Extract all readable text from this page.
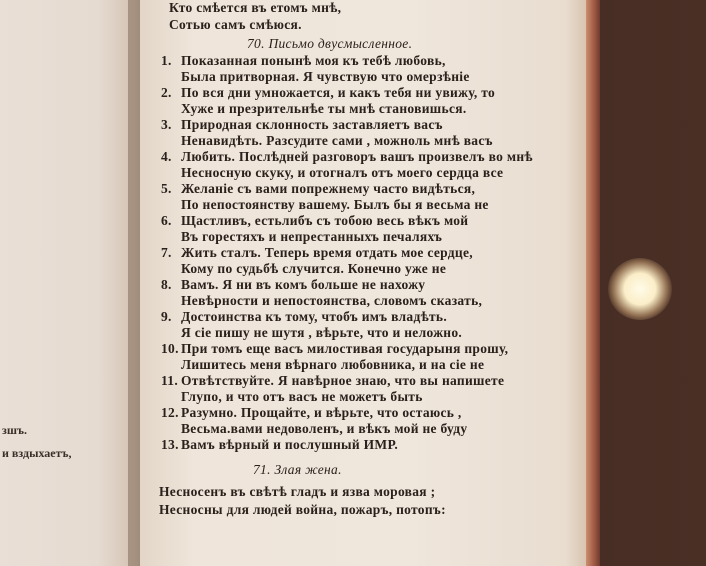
зшъ.
и вздыхаетъ,
Кто смѣется въ етомъ мнѣ,
Сотью самъ смѣюся.
70. Письмо двусмысленное.
1. Показанная понынѣ моя къ тебѣ любовь,
Была притворная. Я чувствую что омерзѣніе
2. По вся дни умножается, и какъ тебя ни увижу, то
Хуже и презрительнѣе ты мнѣ становишься.
3. Природная склонность заставляетъ васъ
Ненавидѣть. Разсудите сами , можноль мнѣ васъ
4. Любить. Послѣдней разговоръ вашъ произвелъ во мнѣ
Несносную скуку, и отогналъ отъ моего сердца все
5. Желаніе съ вами попрежнему часто видѣться,
По непостоянству вашему. Былъ бы я весьма не
6. Щастливъ, естьлибъ съ тобою весь вѣкъ мой
Въ горестяхъ и непрестанныхъ печаляхъ
7. Жить сталъ. Теперь время отдать мое сердце,
Кому по судьбѣ случится. Конечно уже не
8. Вамъ. Я ни въ комъ больше не нахожу
Невѣрности и непостоянства, словомъ сказать,
9. Достоинства къ тому, чтобъ имъ владѣть.
Я сіе пишу не шутя , вѣрьте, что и неложно.
10. При томъ еще васъ милостивая государыня прошу,
Лишитесь меня вѣрнаго любовника, и на сіе не
11. Отвѣтствуйте. Я навѣрное знаю, что вы напишете
Глупо, и что отъ васъ не можетъ быть
12. Разумно. Прощайте, и вѣрьте, что остаюсь ,
Весьма.вами недоволенъ, и вѣкъ мой не буду
13. Вамъ вѣрный и послушный ИМР.
71. Злая жена.
Несносенъ въ свѣтѣ гладъ и язва моровая ;
Несносны для людей война, пожаръ, потопъ:
